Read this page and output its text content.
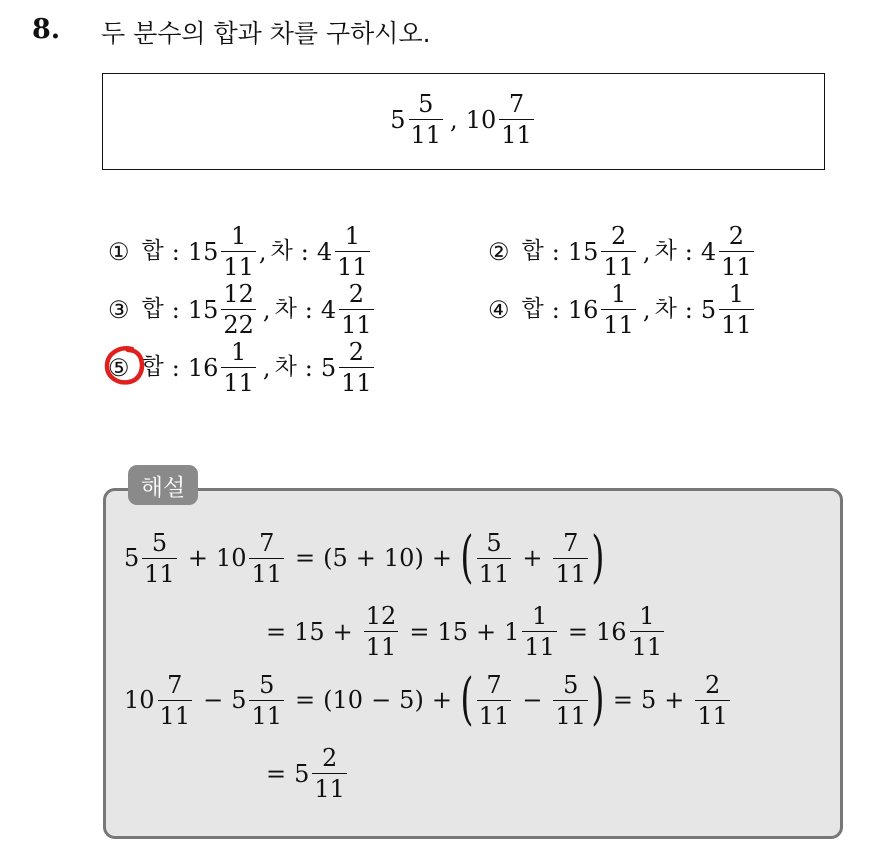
8. 두 분수의 합과 차를 구하시오.
$5 \frac{5}{11}$ , $10 \frac{7}{11}$
① 합 : $15 \frac{1}{11}$ , 차 : $4 \frac{1}{11}$	② 합 : $15 \frac{2}{11}$ , 차 : $4 \frac{2}{11}$
③ 합 : $15 \frac{12}{22}$ , 차 : $4 \frac{2}{11}$	④ 합 : $16 \frac{1}{11}$ , 차 : $5 \frac{1}{11}$
⑤ 합 : $16 \frac{1}{11}$ , 차 : $5 \frac{2}{11}$
해설
$5 \frac{5}{11} + 10 \frac{7}{11}$ = ( 5 + 10 ) + ( $\frac{5}{11} + \frac{7}{11}$ )
= $15 + \frac{12}{11} = 15 + 1 \frac{1}{11} = 16 \frac{1}{11}$
$10 \frac{7}{11} - 5 \frac{5}{11}$ = ( 10 − 5 ) + ( $\frac{7}{11} - \frac{5}{11}$ ) = $5 + \frac{2}{11}$
= $5 \frac{2}{11}$
